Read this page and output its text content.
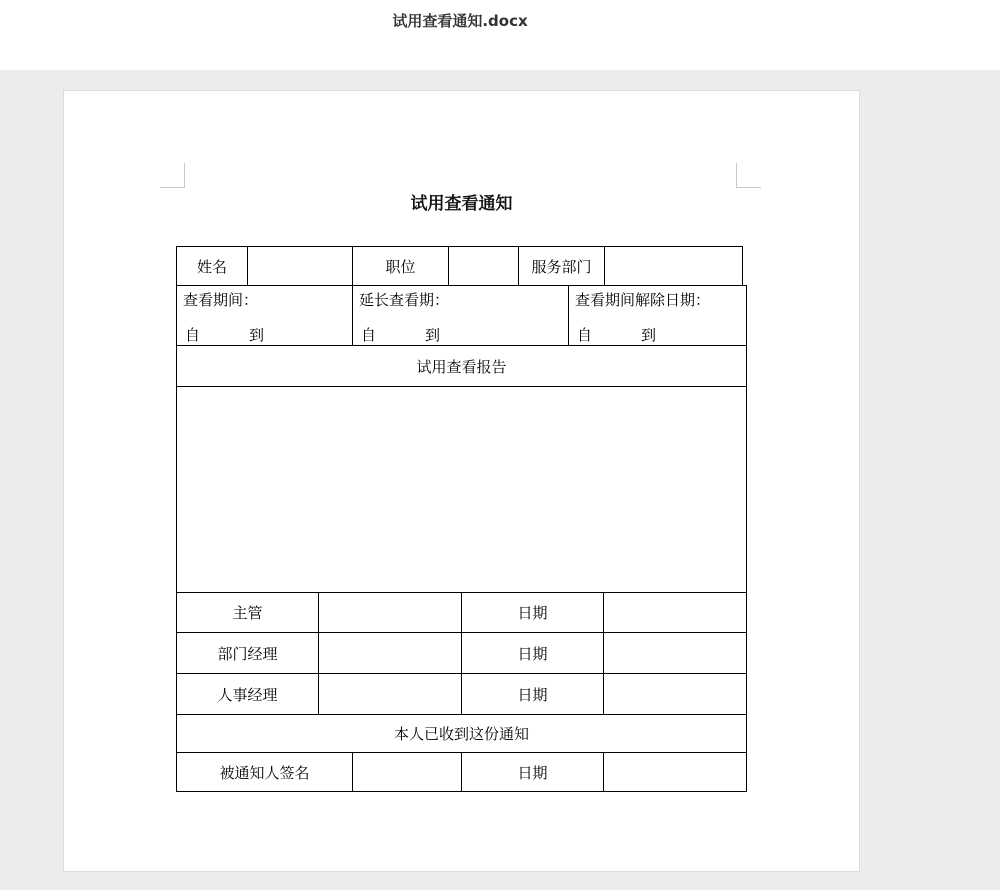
试用查看通知.docx
试用查看通知
姓名	职位	服务部门
查看期间：
自	到
延长查看期：
自	到
查看期间解除日期：
自	到
试用查看报告
主管	日期
部门经理	日期
人事经理	日期
本人已收到这份通知
被通知人签名	日期
